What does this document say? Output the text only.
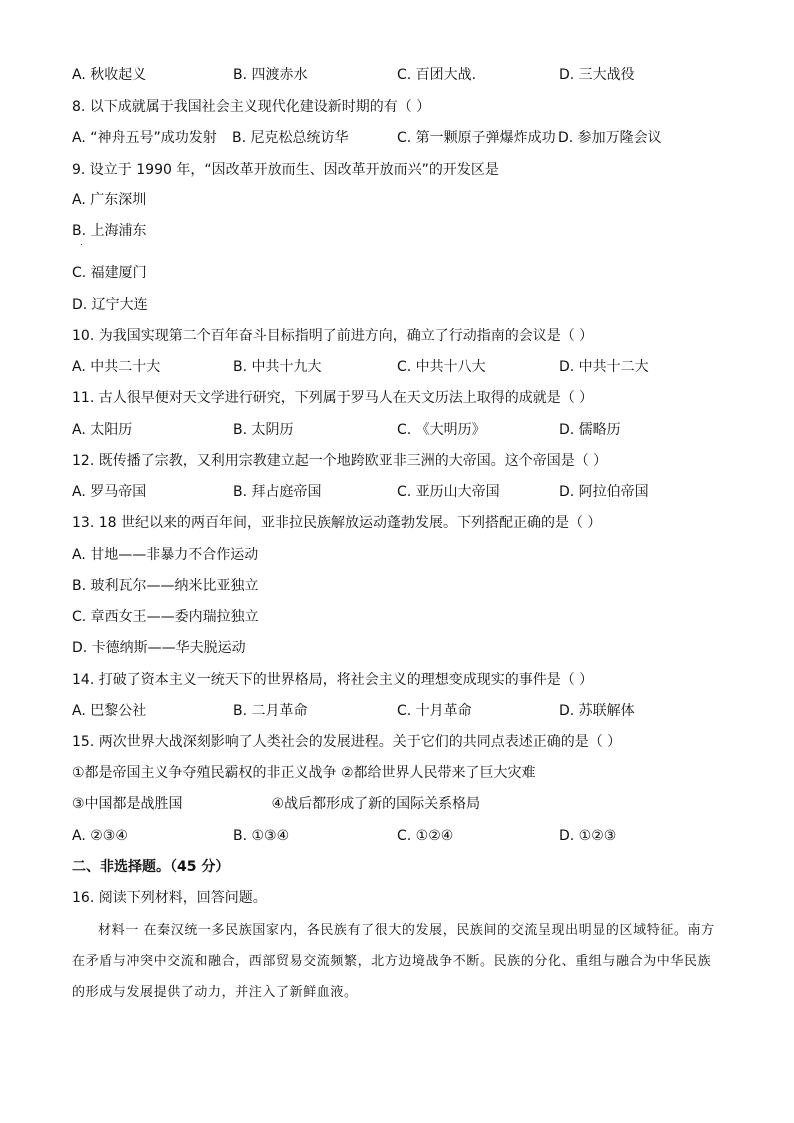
A. 秋收起义	B. 四渡赤水	C. 百团大战.	D. 三大战役
8. 以下成就属于我国社会主义现代化建设新时期的有（ ）
A. “神舟五号”成功发射 B. 尼克松总统访华	C. 第一颗原子弹爆炸成功 D. 参加万隆会议
9. 设立于 1990 年，“因改革开放而生、因改革开放而兴”的开发区是
A. 广东深圳
B. 上海浦东
.
C. 福建厦门
D. 辽宁大连
10. 为我国实现第二个百年奋斗目标指明了前进方向，确立了行动指南的会议是（ ）
A. 中共二十大	B. 中共十九大	C. 中共十八大	D. 中共十二大
11. 古人很早便对天文学进行研究，下列属于罗马人在天文历法上取得的成就是（ ）
A. 太阳历	B. 太阴历	C. 《大明历》	D. 儒略历
12. 既传播了宗教，又利用宗教建立起一个地跨欧亚非三洲的大帝国。这个帝国是（ ）
A. 罗马帝国	B. 拜占庭帝国	C. 亚历山大帝国	D. 阿拉伯帝国
13. 18 世纪以来的两百年间，亚非拉民族解放运动蓬勃发展。下列搭配正确的是（ ）
A. 甘地——非暴力不合作运动
B. 玻利瓦尔——纳米比亚独立
C. 章西女王——委内瑞拉独立
D. 卡德纳斯——华夫脱运动
14. 打破了资本主义一统天下的世界格局，将社会主义的理想变成现实的事件是（ ）
A. 巴黎公社	B. 二月革命	C. 十月革命	D. 苏联解体
15. 两次世界大战深刻影响了人类社会的发展进程。关于它们的共同点表述正确的是（ ）
①都是帝国主义争夺殖民霸权的非正义战争 ②都给世界人民带来了巨大灾难
③中国都是战胜国                    ④战后都形成了新的国际关系格局
A. ②③④	B. ①③④	C. ①②④	D. ①②③
二、非选择题。（45 分）
16. 阅读下列材料，回答问题。
材料一 在秦汉统一多民族国家内，各民族有了很大的发展，民族间的交流呈现出明显的区域特征。南方在矛盾与冲突中交流和融合，西部贸易交流频繁，北方边境战争不断。民族的分化、重组与融合为中华民族的形成与发展提供了动力，并注入了新鲜血液。
